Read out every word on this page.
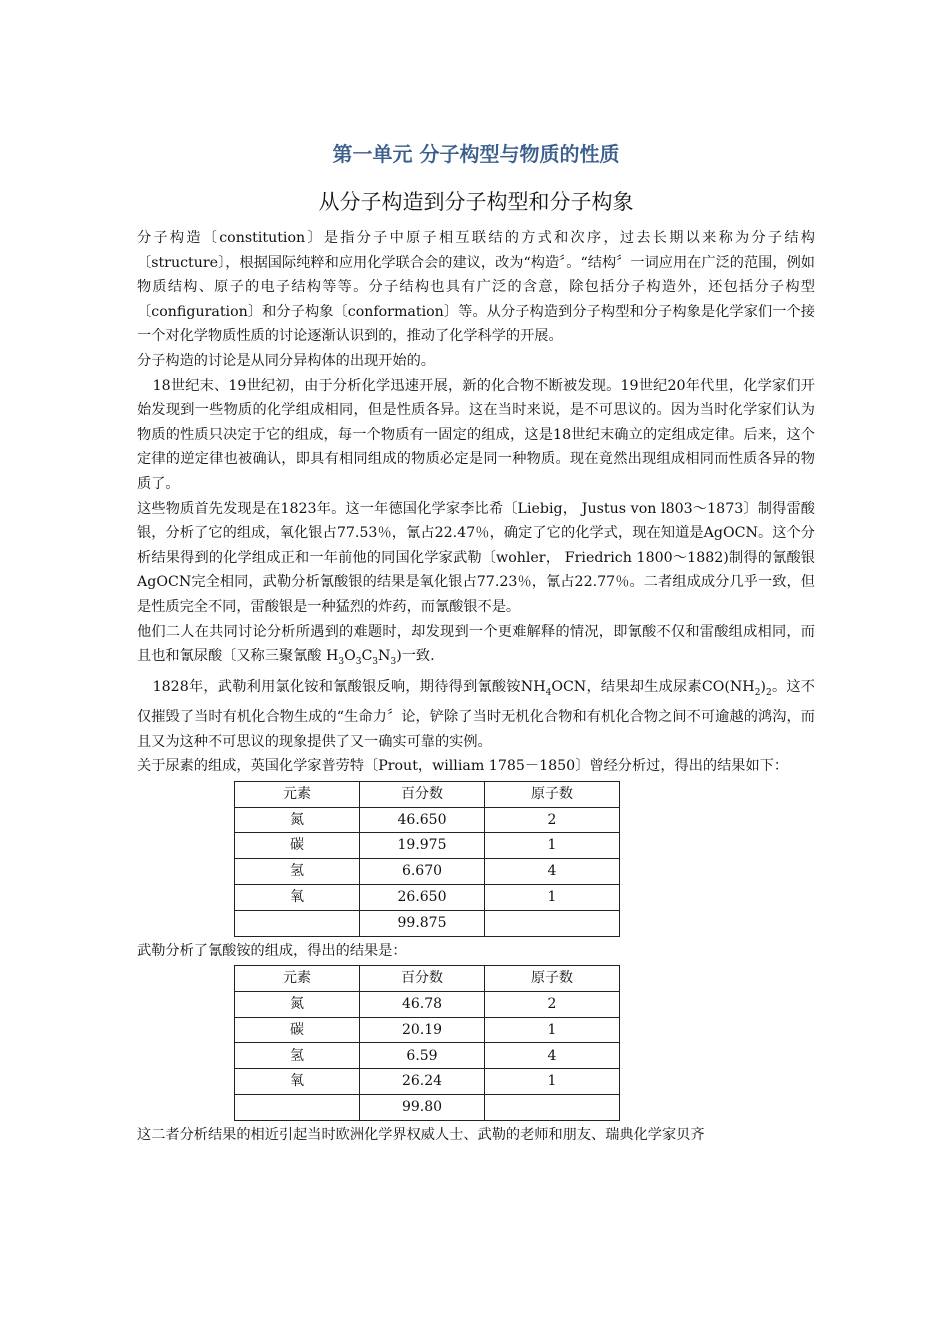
第一单元 分子构型与物质的性质
从分子构造到分子构型和分子构象

分子构造〔constitution〕是指分子中原子相互联结的方式和次序，过去长期以来称为分子结构〔structure〕，根据国际纯粹和应用化学联合会的建议，改为“构造〞。“结构〞一词应用在广泛的范围，例如物质结构、原子的电子结构等等。分子结构也具有广泛的含意，除包括分子构造外，还包括分子构型〔configuration〕和分子构象〔conformation〕等。从分子构造到分子构型和分子构象是化学家们一个接一个对化学物质性质的讨论逐渐认识到的，推动了化学科学的开展。

分子构造的讨论是从同分异构体的出现开始的。

18世纪末、19世纪初，由于分析化学迅速开展，新的化合物不断被发现。19世纪20年代里，化学家们开始发现到一些物质的化学组成相同，但是性质各异。这在当时来说，是不可思议的。因为当时化学家们认为物质的性质只决定于它的组成，每一个物质有一固定的组成，这是18世纪末确立的定组成定律。后来，这个定律的逆定律也被确认，即具有相同组成的物质必定是同一种物质。现在竟然出现组成相同而性质各异的物质了。

这些物质首先发现是在1823年。这一年德国化学家李比希〔Liebig， Justus von l803～1873〕制得雷酸银，分析了它的组成，氧化银占77.53％，氰占22.47％，确定了它的化学式，现在知道是AgOCN。这个分析结果得到的化学组成正和一年前他的同国化学家武勒〔wohler， Friedrich 1800～1882)制得的氰酸银AgOCN完全相同，武勒分析氰酸银的结果是氧化银占77.23％，氰占22.77％。二者组成成分几乎一致，但是性质完全不同，雷酸银是一种猛烈的炸药，而氰酸银不是。

他们二人在共同讨论分析所遇到的难题时，却发现到一个更难解释的情况，即氰酸不仅和雷酸组成相同，而且也和氰尿酸〔又称三聚氰酸 $H_3O_3C_3N_3$)一致.

1828年，武勒利用氯化铵和氰酸银反响，期待得到氰酸铵$NH_4OCN$，结果却生成尿素$CO(NH_2)_2$。这不仅摧毁了当时有机化合物生成的“生命力〞论，铲除了当时无机化合物和有机化合物之间不可逾越的鸿沟，而且又为这种不可思议的现象提供了又一确实可靠的实例。

关于尿素的组成，英国化学家普劳特〔Prout，william 1785－1850〕曾经分析过，得出的结果如下：

元素	百分数	原子数
氮	46.650	2
碳	19.975	1
氢	6.670	4
氧	26.650	1
	99.875	

武勒分析了氰酸铵的组成，得出的结果是：

元素	百分数	原子数
氮	46.78	2
碳	20.19	1
氢	6.59	4
氧	26.24	1
	99.80	

这二者分析结果的相近引起当时欧洲化学界权威人士、武勒的老师和朋友、瑞典化学家贝齐
